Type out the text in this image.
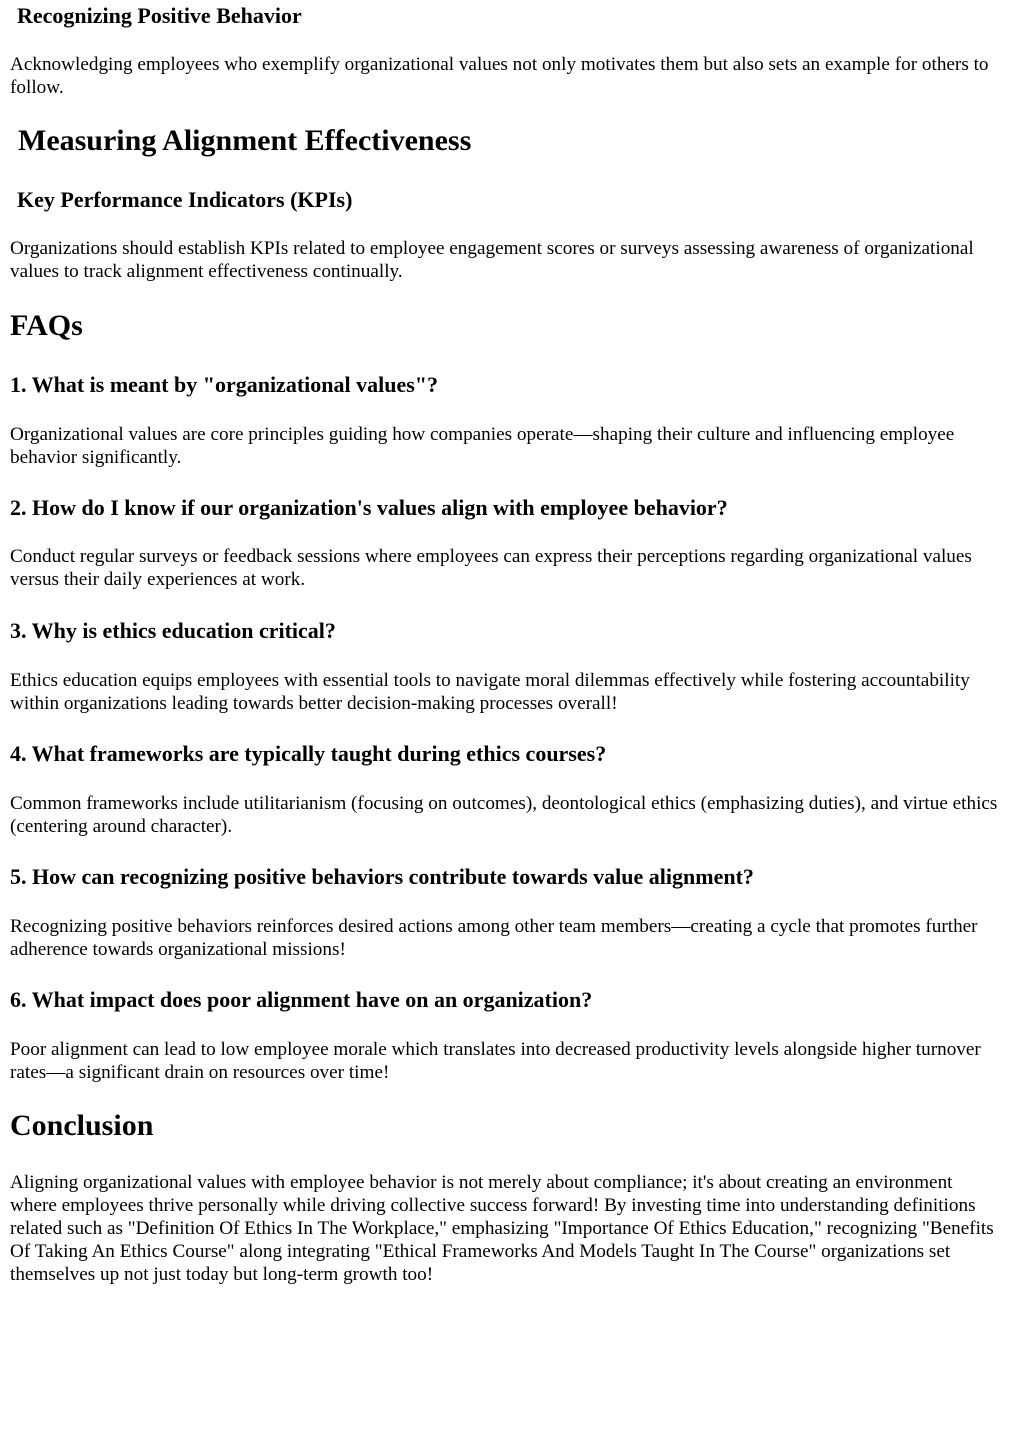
Recognizing Positive Behavior

Acknowledging employees who exemplify organizational values not only motivates them but also sets an example for others to follow.

Measuring Alignment Effectiveness
Key Performance Indicators (KPIs)

Organizations should establish KPIs related to employee engagement scores or surveys assessing awareness of organizational values to track alignment effectiveness continually.

FAQs
1. What is meant by "organizational values"?

Organizational values are core principles guiding how companies operate—shaping their culture and influencing employee behavior significantly.

2. How do I know if our organization's values align with employee behavior?

Conduct regular surveys or feedback sessions where employees can express their perceptions regarding organizational values versus their daily experiences at work.

3. Why is ethics education critical?

Ethics education equips employees with essential tools to navigate moral dilemmas effectively while fostering accountability within organizations leading towards better decision-making processes overall!

4. What frameworks are typically taught during ethics courses?

Common frameworks include utilitarianism (focusing on outcomes), deontological ethics (emphasizing duties), and virtue ethics (centering around character).

5. How can recognizing positive behaviors contribute towards value alignment?

Recognizing positive behaviors reinforces desired actions among other team members—creating a cycle that promotes further adherence towards organizational missions!

6. What impact does poor alignment have on an organization?

Poor alignment can lead to low employee morale which translates into decreased productivity levels alongside higher turnover rates—a significant drain on resources over time!

Conclusion

Aligning organizational values with employee behavior is not merely about compliance; it's about creating an environment where employees thrive personally while driving collective success forward! By investing time into understanding definitions related such as "Definition Of Ethics In The Workplace," emphasizing "Importance Of Ethics Education," recognizing "Benefits Of Taking An Ethics Course" along integrating "Ethical Frameworks And Models Taught In The Course" organizations set themselves up not just today but long-term growth too!
